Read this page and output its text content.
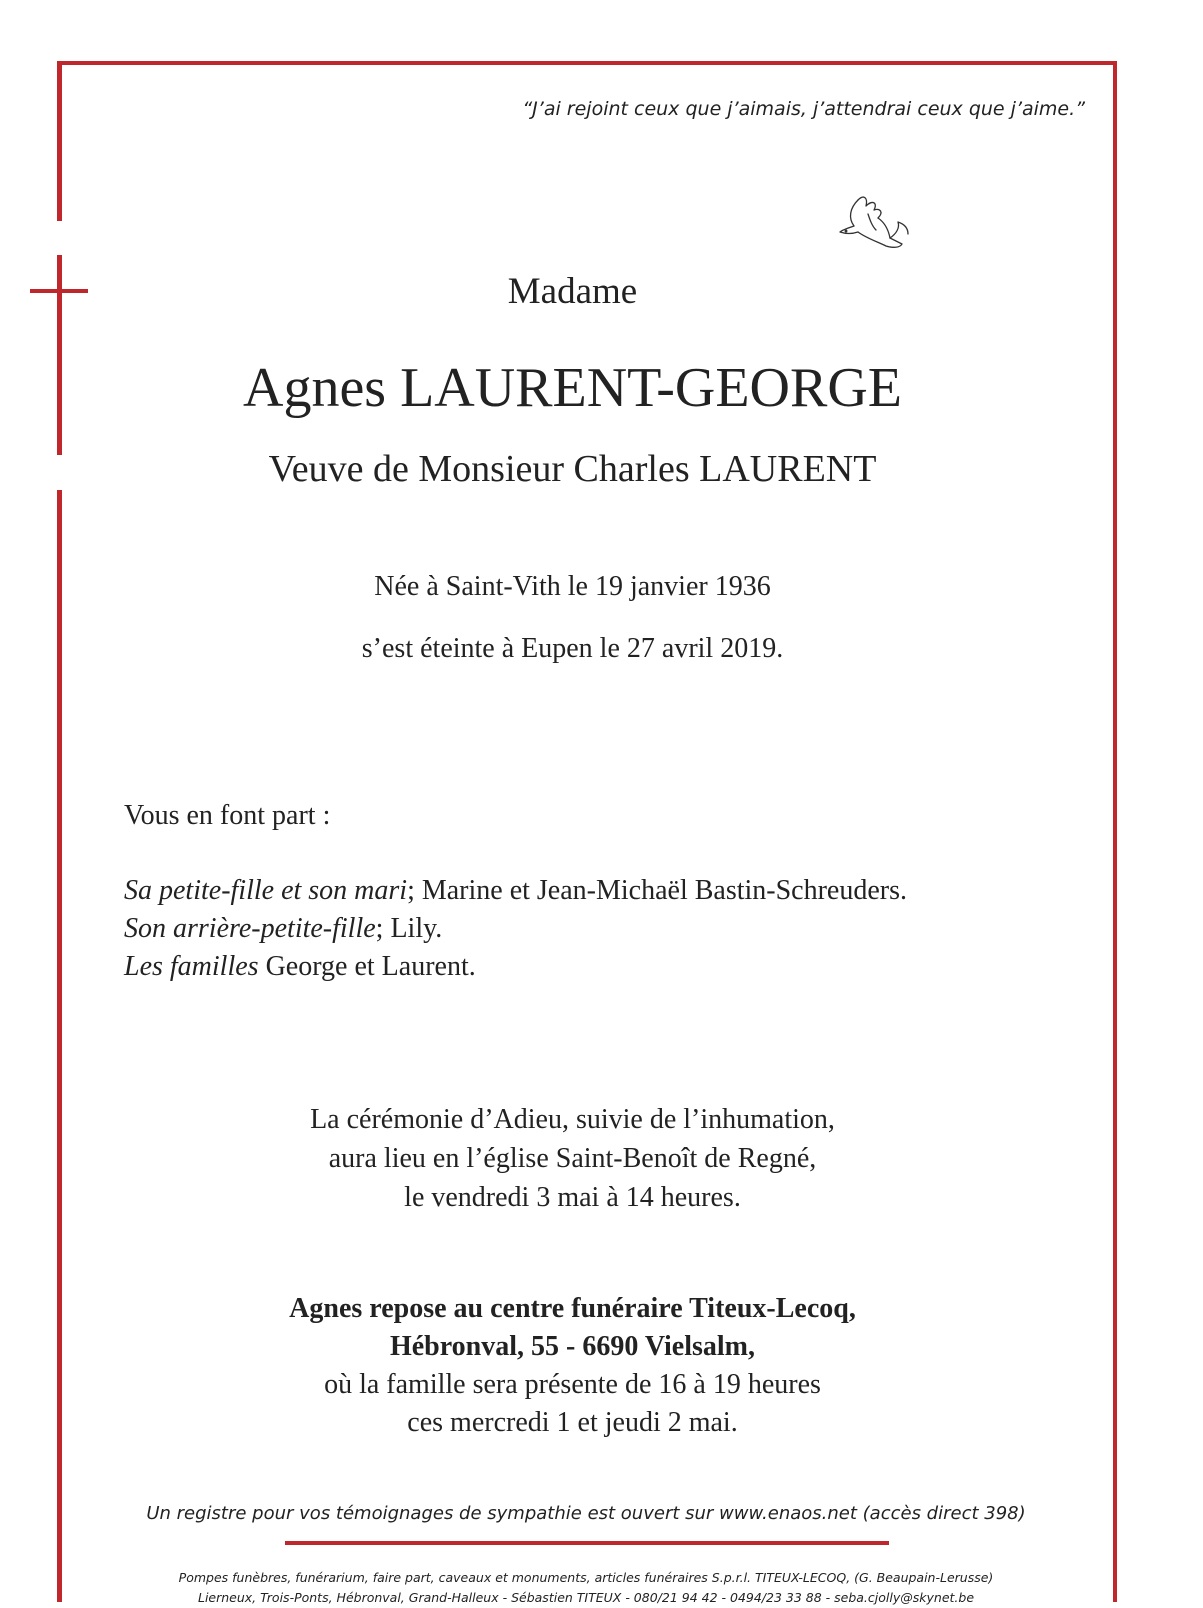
“J’ai rejoint ceux que j’aimais, j’attendrai ceux que j’aime.”
Madame
Agnes LAURENT-GEORGE
Veuve de Monsieur Charles LAURENT
Née à Saint-Vith le 19 janvier 1936
s’est éteinte à Eupen le 27 avril 2019.
Vous en font part :
Sa petite-fille et son mari; Marine et Jean-Michaël Bastin-Schreuders.
Son arrière-petite-fille; Lily.
Les familles George et Laurent.
La cérémonie d’Adieu, suivie de l’inhumation,
aura lieu en l’église Saint-Benoît de Regné,
le vendredi 3 mai à 14 heures.
Agnes repose au centre funéraire Titeux-Lecoq,
Hébronval, 55 - 6690 Vielsalm,
où la famille sera présente de 16 à 19 heures
ces mercredi 1 et jeudi 2 mai.
Un registre pour vos témoignages de sympathie est ouvert sur www.enaos.net (accès direct 398)
Pompes funèbres, funérarium, faire part, caveaux et monuments, articles funéraires S.p.r.l. TITEUX-LECOQ, (G. Beaupain-Lerusse)
Lierneux, Trois-Ponts, Hébronval, Grand-Halleux - Sébastien TITEUX - 080/21 94 42 - 0494/23 33 88 - seba.cjolly@skynet.be
